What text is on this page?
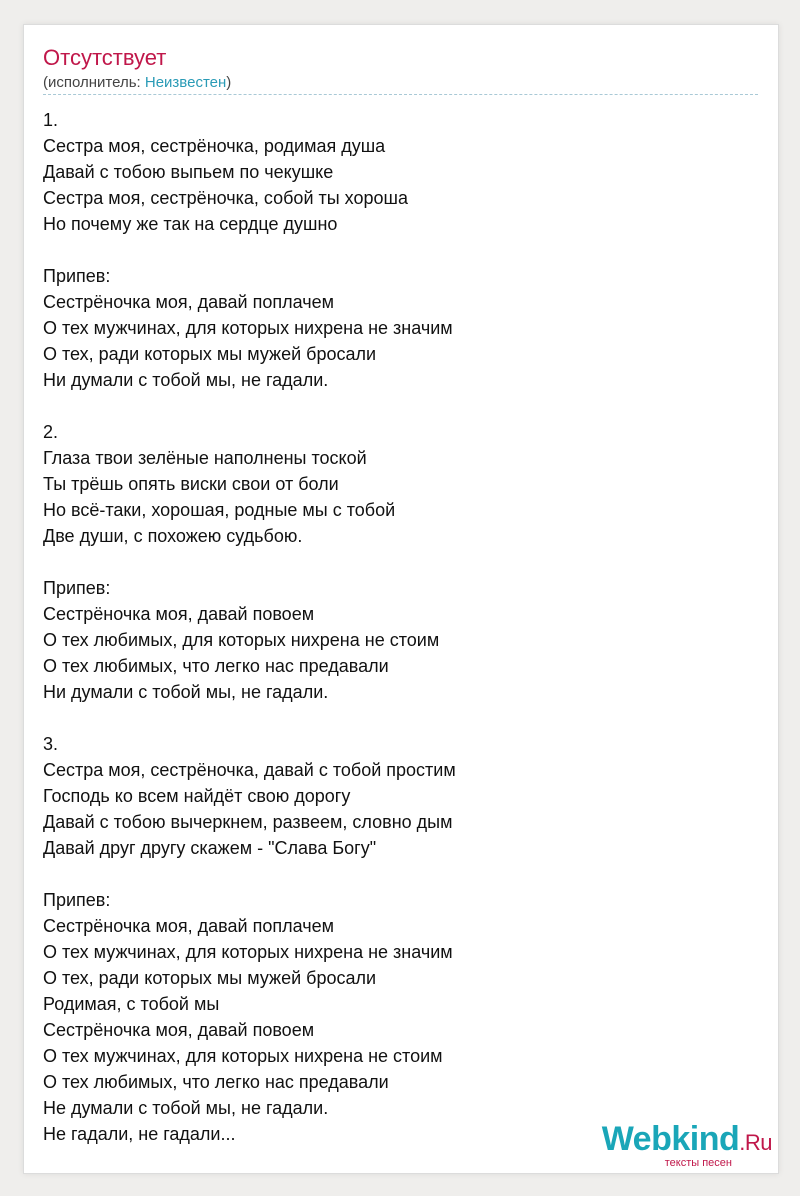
Отсутствует
(исполнитель: Неизвестен)
1.
Сестра моя, сестрёночка, родимая душа
Давай с тобою выпьем по чекушке
Сестра моя, сестрёночка, собой ты хороша
Но почему же так на сердце душно
Припев:
Сестрёночка моя, давай поплачем
О тех мужчинах, для которых нихрена не значим
О тех, ради которых мы мужей бросали
Ни думали с тобой мы, не гадали.
2.
Глаза твои зелёные наполнены тоской
Ты трёшь опять виски свои от боли
Но всё-таки, хорошая, родные мы с тобой
Две души, с похожею судьбою.
Припев:
Сестрёночка моя, давай повоем
О тех любимых, для которых нихрена не стоим
О тех любимых, что легко нас предавали
Ни думали с тобой мы, не гадали.
3.
Сестра моя, сестрёночка, давай с тобой простим
Господь ко всем найдёт свою дорогу
Давай с тобою вычеркнем, развеем, словно дым
Давай друг другу скажем - "Слава Богу"
Припев:
Сестрёночка моя, давай поплачем
О тех мужчинах, для которых нихрена не значим
О тех, ради которых мы мужей бросали
Родимая, с тобой мы
Сестрёночка моя, давай повоем
О тех мужчинах, для которых нихрена не стоим
О тех любимых, что легко нас предавали
Не думали с тобой мы, не гадали.
Не гадали, не гадали...	Webkind.Ru
тексты песен
